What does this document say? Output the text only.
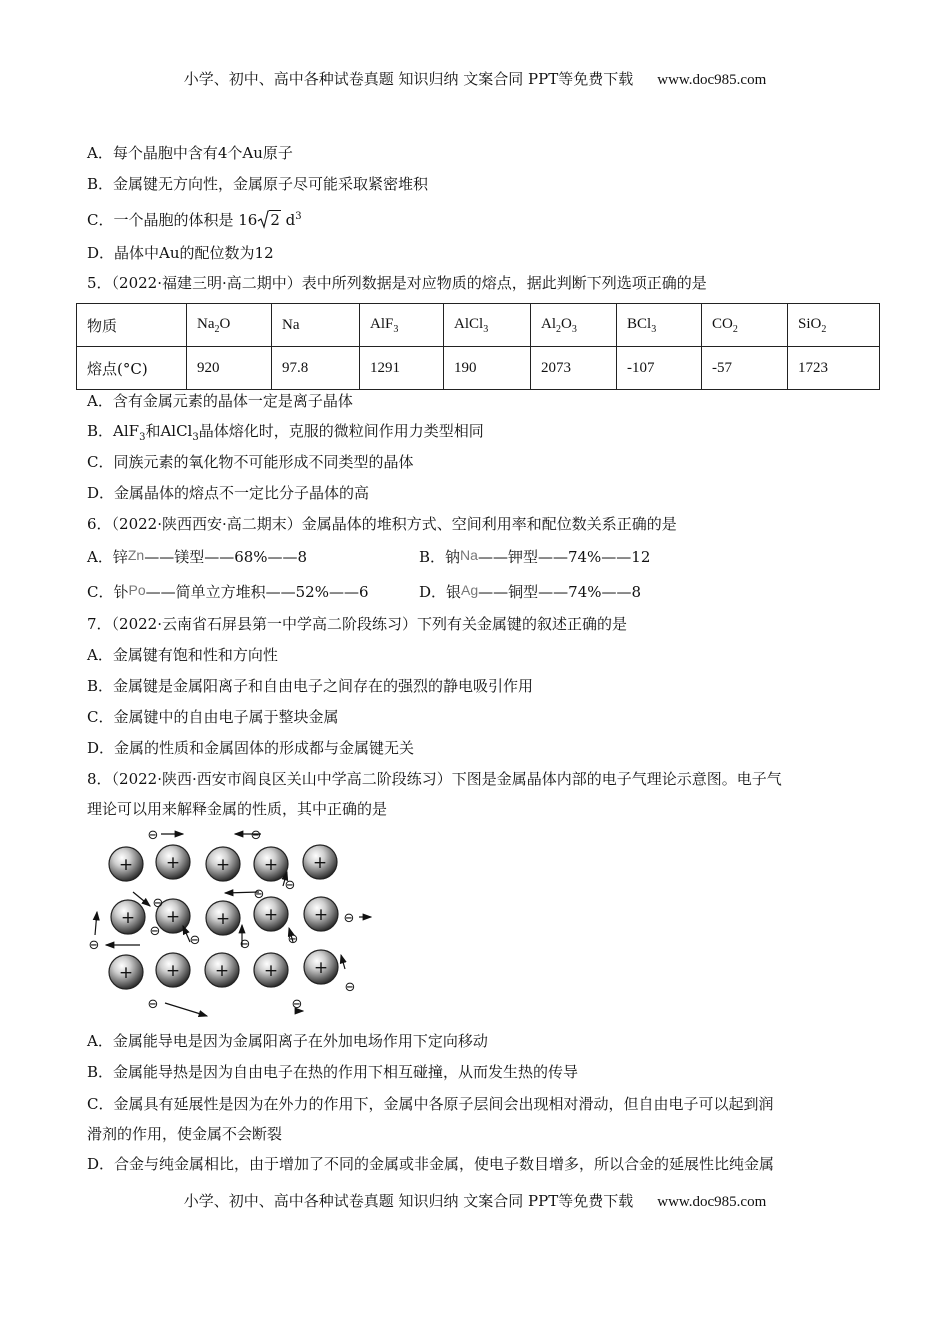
小学、初中、高中各种试卷真题 知识归纳 文案合同 PPT等免费下载 www.doc985.com
A．每个晶胞中含有4个Au原子
B．金属键无方向性，金属原子尽可能采取紧密堆积
C．一个晶胞的体积是 16 2 $d^3$
D．晶体中Au的配位数为12
5．（2022·福建三明·高二期中）表中所列数据是对应物质的熔点，据此判断下列选项正确的是
物质	$Na_2O$	Na	AlF$_3$	AlCl$_3$	$Al_2O_3$	BCl$_3$	$CO_2$	SiO$_2$
熔点(°C)	920	97.8	1291	190	2073	-107	-57	1723
A．含有金属元素的晶体一定是离子晶体
B．AlF$_3$和AlCl$_3$晶体熔化时，克服的微粒间作用力类型相同
C．同族元素的氧化物不可能形成不同类型的晶体
D．金属晶体的熔点不一定比分子晶体的高
6．（2022·陕西西安·高二期末）金属晶体的堆积方式、空间利用率和配位数关系正确的是
A．锌Zn——镁型——68%——8	B．钠Na——钾型——74%——12
C．钋Po——简单立方堆积——52%——6	D．银Ag——铜型——74%——8
7．（2022·云南省石屏县第一中学高二阶段练习）下列有关金属键的叙述正确的是
A．金属键有饱和性和方向性
B．金属键是金属阳离子和自由电子之间存在的强烈的静电吸引作用
C．金属键中的自由电子属于整块金属
D．金属的性质和金属固体的形成都与金属键无关
8．（2022·陕西·西安市阎良区关山中学高二阶段练习）下图是金属晶体内部的电子气理论示意图。电子气
理论可以用来解释金属的性质，其中正确的是
+ + + + +
+ + + + +
+ + + + +
⊖	⊖
⊖
⊖
⊖
⊖
⊖
⊖
⊖	⊖	⊖
⊖	⊖
⊖
A．金属能导电是因为金属阳离子在外加电场作用下定向移动
B．金属能导热是因为自由电子在热的作用下相互碰撞，从而发生热的传导
C．金属具有延展性是因为在外力的作用下，金属中各原子层间会出现相对滑动，但自由电子可以起到润
滑剂的作用，使金属不会断裂
D．合金与纯金属相比，由于增加了不同的金属或非金属，使电子数目增多，所以合金的延展性比纯金属
小学、初中、高中各种试卷真题 知识归纳 文案合同 PPT等免费下载 www.doc985.com
